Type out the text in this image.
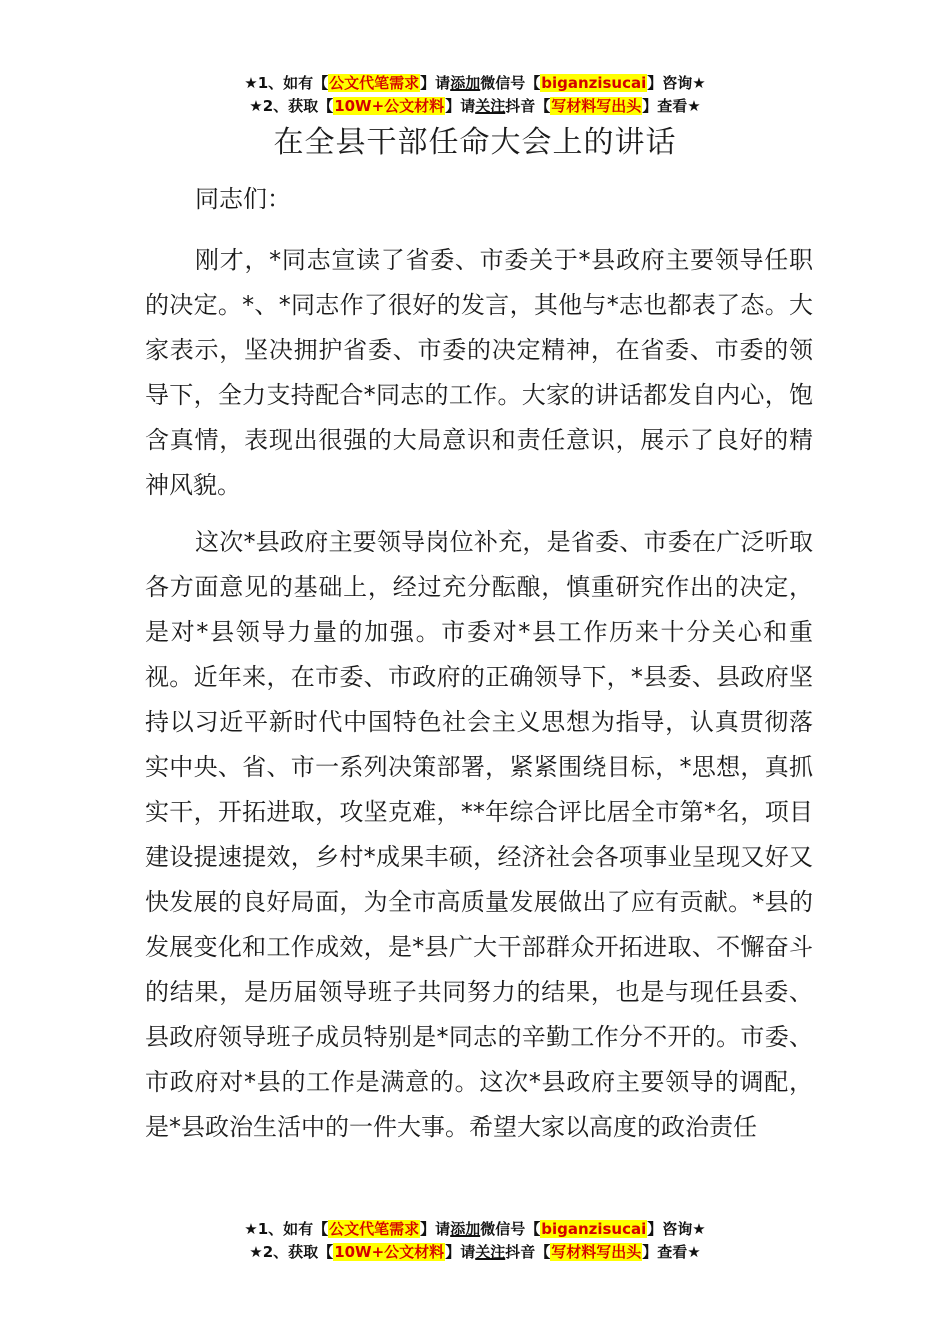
★1、如有【公文代笔需求】请添加微信号【biganzisucai】咨询★
★2、获取【10W+公文材料】请关注抖音【写材料写出头】查看★
在全县干部任命大会上的讲话

同志们：

刚才，*同志宣读了省委、市委关于*县政府主要领导任职的决定。*、*同志作了很好的发言，其他与*志也都表了态。大家表示，坚决拥护省委、市委的决定精神，在省委、市委的领导下，全力支持配合*同志的工作。大家的讲话都发自内心，饱含真情，表现出很强的大局意识和责任意识，展示了良好的精神风貌。

这次*县政府主要领导岗位补充，是省委、市委在广泛听取各方面意见的基础上，经过充分酝酿，慎重研究作出的决定，是对*县领导力量的加强。市委对*县工作历来十分关心和重视。近年来，在市委、市政府的正确领导下，*县委、县政府坚持以习近平新时代中国特色社会主义思想为指导，认真贯彻落实中央、省、市一系列决策部署，紧紧围绕目标，*思想，真抓实干，开拓进取，攻坚克难，**年综合评比居全市第*名，项目建设提速提效，乡村*成果丰硕，经济社会各项事业呈现又好又快发展的良好局面，为全市高质量发展做出了应有贡献。*县的发展变化和工作成效，是*县广大干部群众开拓进取、不懈奋斗的结果，是历届领导班子共同努力的结果，也是与现任县委、县政府领导班子成员特别是*同志的辛勤工作分不开的。市委、市政府对*县的工作是满意的。这次*县政府主要领导的调配，是*县政治生活中的一件大事。希望大家以高度的政治责任

★1、如有【公文代笔需求】请添加微信号【biganzisucai】咨询★
★2、获取【10W+公文材料】请关注抖音【写材料写出头】查看★
